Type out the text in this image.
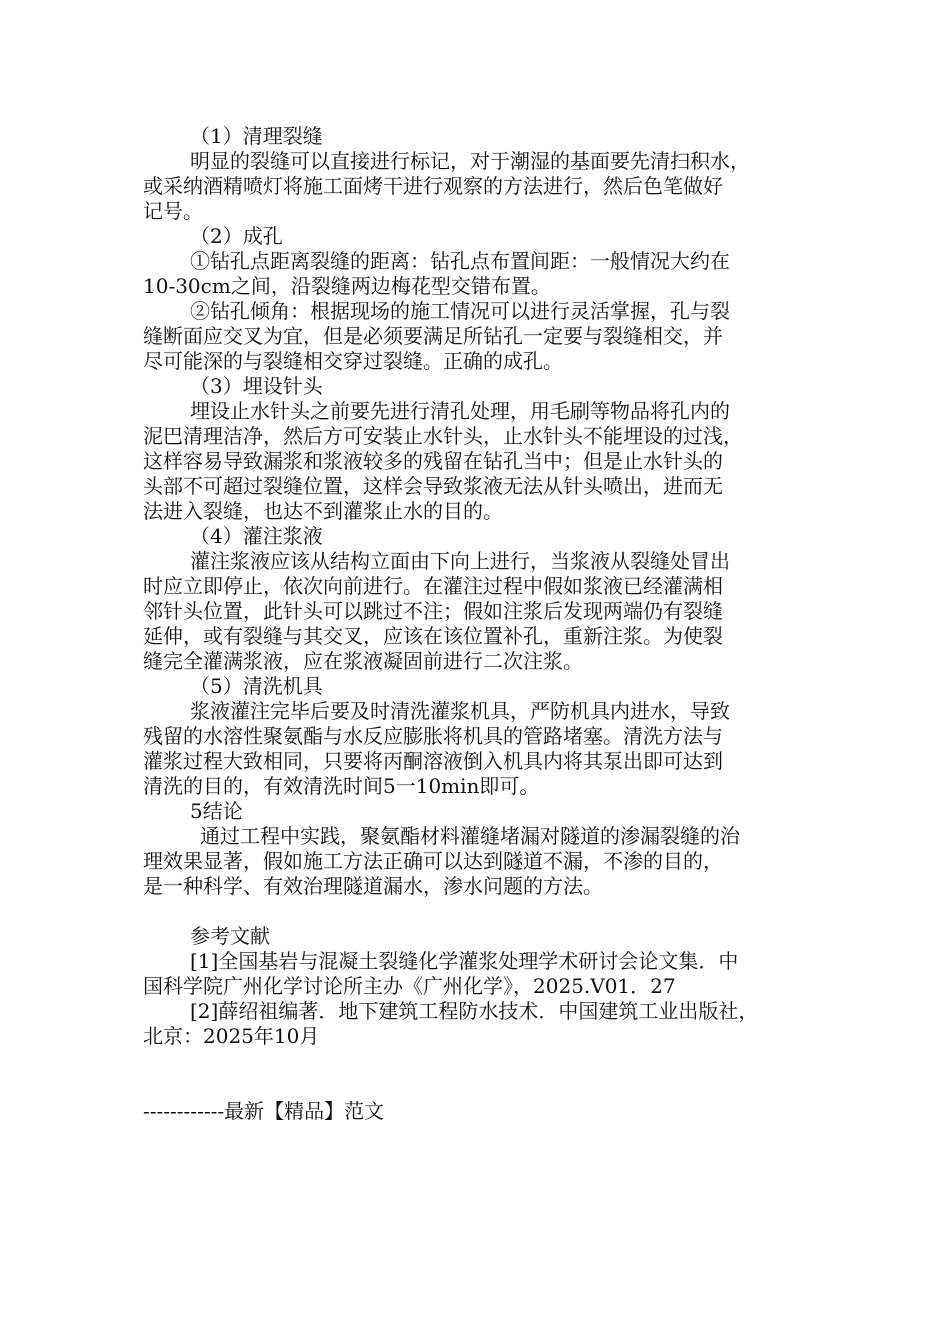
（1）清理裂缝
明显的裂缝可以直接进行标记，对于潮湿的基面要先清扫积水，
或采纳酒精喷灯将施工面烤干进行观察的方法进行，然后色笔做好
记号。
（2）成孔
①钻孔点距离裂缝的距离：钻孔点布置间距：一般情况大约在
10-30cm之间，沿裂缝两边梅花型交错布置。
②钻孔倾角：根据现场的施工情况可以进行灵活掌握，孔与裂
缝断面应交叉为宜，但是必须要满足所钻孔一定要与裂缝相交，并
尽可能深的与裂缝相交穿过裂缝。正确的成孔。
（3）埋设针头
埋设止水针头之前要先进行清孔处理，用毛刷等物品将孔内的
泥巴清理洁净，然后方可安装止水针头，止水针头不能埋设的过浅，
这样容易导致漏浆和浆液较多的残留在钻孔当中；但是止水针头的
头部不可超过裂缝位置，这样会导致浆液无法从针头喷出，进而无
法进入裂缝，也达不到灌浆止水的目的。
（4）灌注浆液
灌注浆液应该从结构立面由下向上进行，当浆液从裂缝处冒出
时应立即停止，依次向前进行。在灌注过程中假如浆液已经灌满相
邻针头位置，此针头可以跳过不注；假如注浆后发现两端仍有裂缝
延伸，或有裂缝与其交叉，应该在该位置补孔，重新注浆。为使裂
缝完全灌满浆液，应在浆液凝固前进行二次注浆。
（5）清洗机具
浆液灌注完毕后要及时清洗灌浆机具，严防机具内进水，导致
残留的水溶性聚氨酯与水反应膨胀将机具的管路堵塞。清洗方法与
灌浆过程大致相同，只要将丙酮溶液倒入机具内将其泵出即可达到
清洗的目的，有效清洗时间5一10min即可。
5结论
通过工程中实践，聚氨酯材料灌缝堵漏对隧道的渗漏裂缝的治
理效果显著，假如施工方法正确可以达到隧道不漏，不渗的目的，
是一种科学、有效治理隧道漏水，渗水问题的方法。
参考文献
[1]全国基岩与混凝土裂缝化学灌浆处理学术研讨会论文集．中
国科学院广州化学讨论所主办《广州化学》，2025.V01．27
[2]薛绍祖编著．地下建筑工程防水技术．中国建筑工业出版社，
北京：2025年10月
------------最新【精品】范文
